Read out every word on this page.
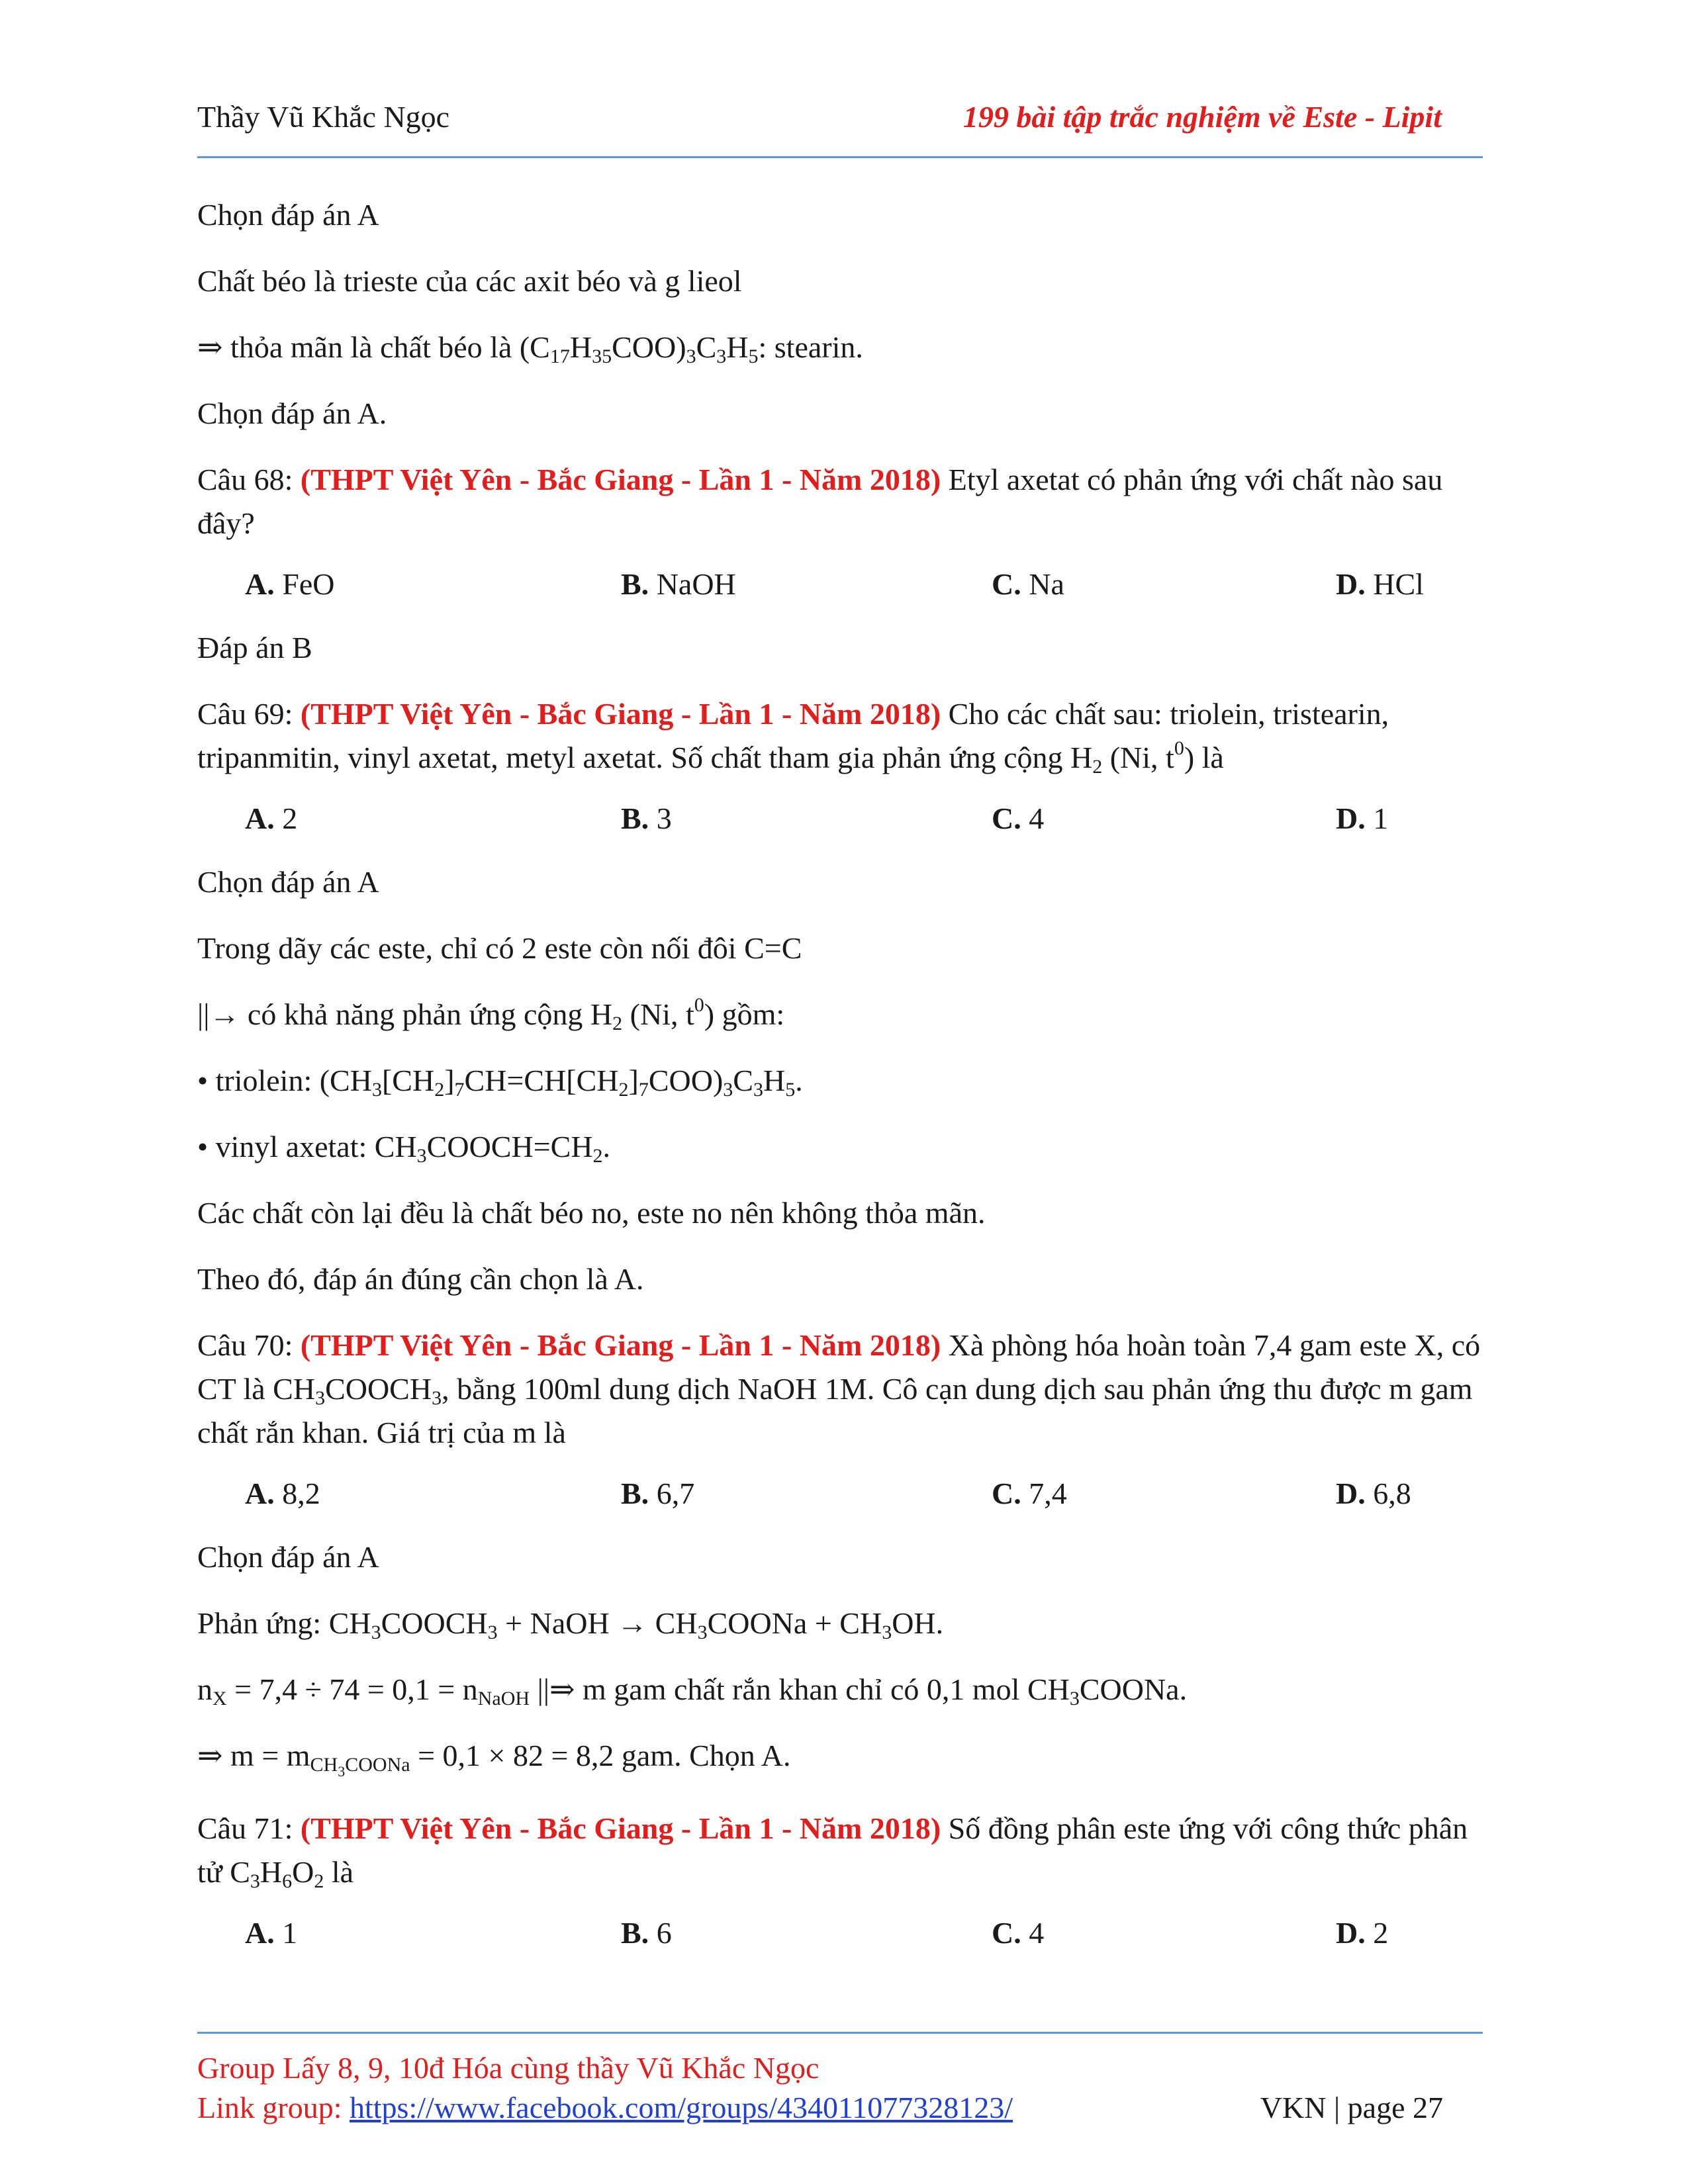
Thầy Vũ Khắc Ngọc	199 bài tập trắc nghiệm về Este - Lipit

Chọn đáp án A

Chất béo là trieste của các axit béo và g lieol

⇒ thỏa mãn là chất béo là $(C_{17}H_{35}COO)_3C_3H_5$: stearin.

Chọn đáp án A.

Câu 68: (THPT Việt Yên - Bắc Giang - Lần 1 - Năm 2018) Etyl axetat có phản ứng với chất nào sau đây?

A. FeO	B. NaOH	C. Na	D. HCl

Đáp án B

Câu 69: (THPT Việt Yên - Bắc Giang - Lần 1 - Năm 2018) Cho các chất sau: triolein, tristearin, tripanmitin, vinyl axetat, metyl axetat. Số chất tham gia phản ứng cộng $H_2$ (Ni, $t^0$) là

A. 2	B. 3	C. 4	D. 1

Chọn đáp án A

Trong dãy các este, chỉ có 2 este còn nối đôi C=C

||→ có khả năng phản ứng cộng $H_2$ (Ni, $t^0$) gồm:

• triolein: $(CH_3[CH_2]_7CH=CH[CH_2]_7COO)_3C_3H_5$.

• vinyl axetat: $CH_3COOCH=CH_2$.

Các chất còn lại đều là chất béo no, este no nên không thỏa mãn.

Theo đó, đáp án đúng cần chọn là A.

Câu 70: (THPT Việt Yên - Bắc Giang - Lần 1 - Năm 2018) Xà phòng hóa hoàn toàn 7,4 gam este X, có CT là $CH_3COOCH_3$, bằng 100ml dung dịch NaOH 1M. Cô cạn dung dịch sau phản ứng thu được m gam chất rắn khan. Giá trị của m là

A. 8,2	B. 6,7	C. 7,4	D. 6,8

Chọn đáp án A

Phản ứng: $CH_3COOCH_3$ + NaOH → $CH_3COONa + CH_3OH$.

$n_X = 7,4 \div 74 = 0,1 = n_{NaOH}$ ||⇒ m gam chất rắn khan chỉ có 0,1 mol $CH_3COONa$.

⇒ $m = m_{CH_3COONa} = 0,1 \times 82 = 8,2$ gam. Chọn A.

Câu 71: (THPT Việt Yên - Bắc Giang - Lần 1 - Năm 2018) Số đồng phân este ứng với công thức phân tử $C_3H_6O_2$ là

A. 1	B. 6	C. 4	D. 2
Group Lấy 8, 9, 10đ Hóa cùng thầy Vũ Khắc Ngọc
Link group: https://www.facebook.com/groups/434011077328123/	VKN | page 27
